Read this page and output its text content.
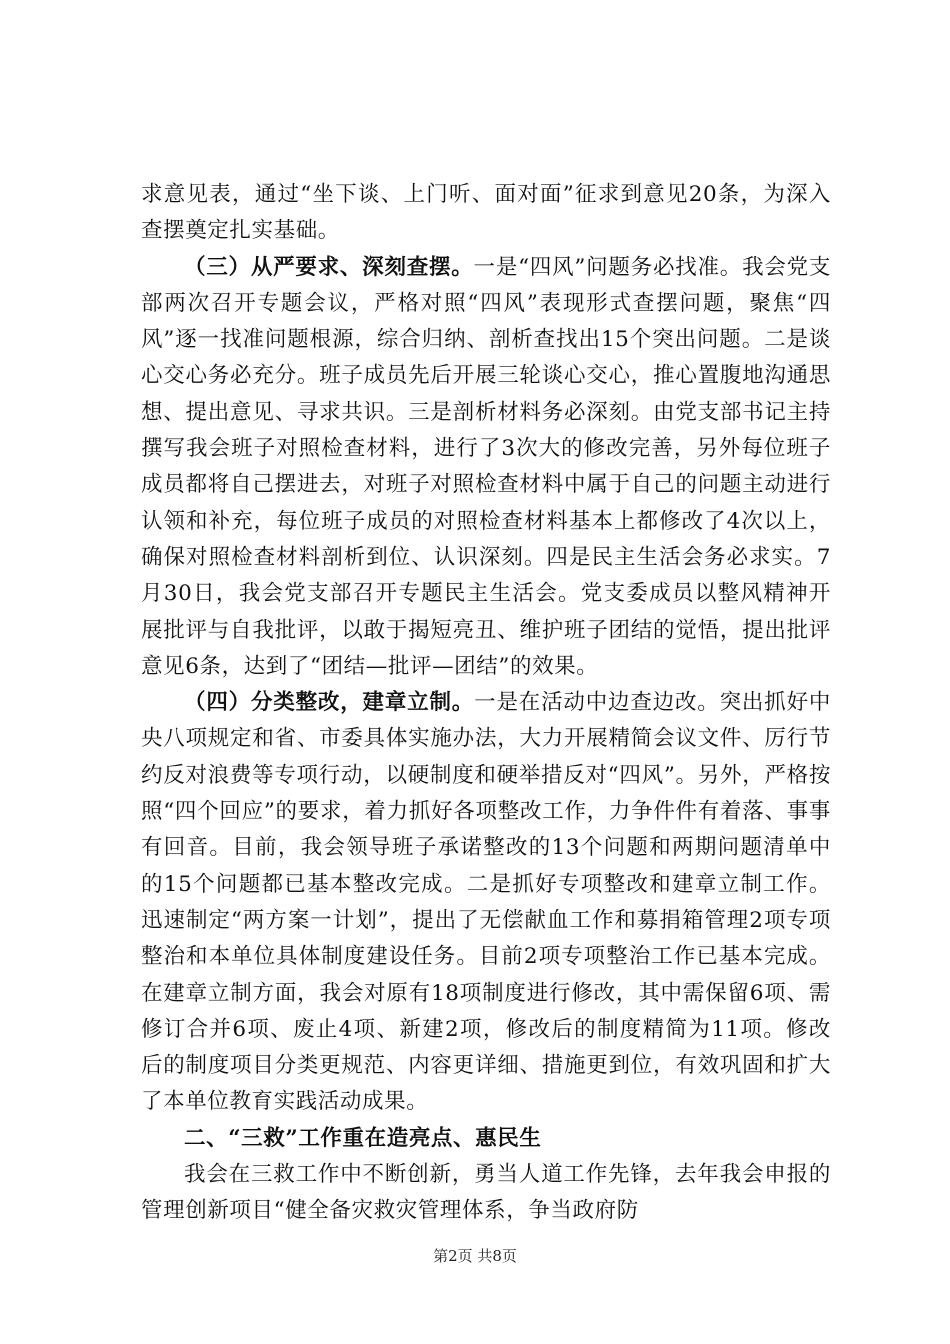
求意见表，通过“坐下谈、上门听、面对面”征求到意见20条，为深入查摆奠定扎实基础。

（三）从严要求、深刻查摆。一是“四风”问题务必找准。我会党支部两次召开专题会议，严格对照“四风”表现形式查摆问题，聚焦“四风”逐一找准问题根源，综合归纳、剖析查找出15个突出问题。二是谈心交心务必充分。班子成员先后开展三轮谈心交心，推心置腹地沟通思想、提出意见、寻求共识。三是剖析材料务必深刻。由党支部书记主持撰写我会班子对照检查材料，进行了3次大的修改完善，另外每位班子成员都将自己摆进去，对班子对照检查材料中属于自己的问题主动进行认领和补充，每位班子成员的对照检查材料基本上都修改了4次以上，确保对照检查材料剖析到位、认识深刻。四是民主生活会务必求实。7月30日，我会党支部召开专题民主生活会。党支委成员以整风精神开展批评与自我批评，以敢于揭短亮丑、维护班子团结的觉悟，提出批评意见6条，达到了“团结—批评—团结”的效果。

（四）分类整改，建章立制。一是在活动中边查边改。突出抓好中央八项规定和省、市委具体实施办法，大力开展精简会议文件、厉行节约反对浪费等专项行动，以硬制度和硬举措反对“四风”。另外，严格按照“四个回应”的要求，着力抓好各项整改工作，力争件件有着落、事事有回音。目前，我会领导班子承诺整改的13个问题和两期问题清单中的15个问题都已基本整改完成。二是抓好专项整改和建章立制工作。迅速制定“两方案一计划”，提出了无偿献血工作和募捐箱管理2项专项整治和本单位具体制度建设任务。目前2项专项整治工作已基本完成。在建章立制方面，我会对原有18项制度进行修改，其中需保留6项、需修订合并6项、废止4项、新建2项，修改后的制度精简为11项。修改后的制度项目分类更规范、内容更详细、措施更到位，有效巩固和扩大了本单位教育实践活动成果。

二、“三救”工作重在造亮点、惠民生

我会在三救工作中不断创新，勇当人道工作先锋，去年我会申报的管理创新项目“健全备灾救灾管理体系，争当政府防

第2页 共8页
